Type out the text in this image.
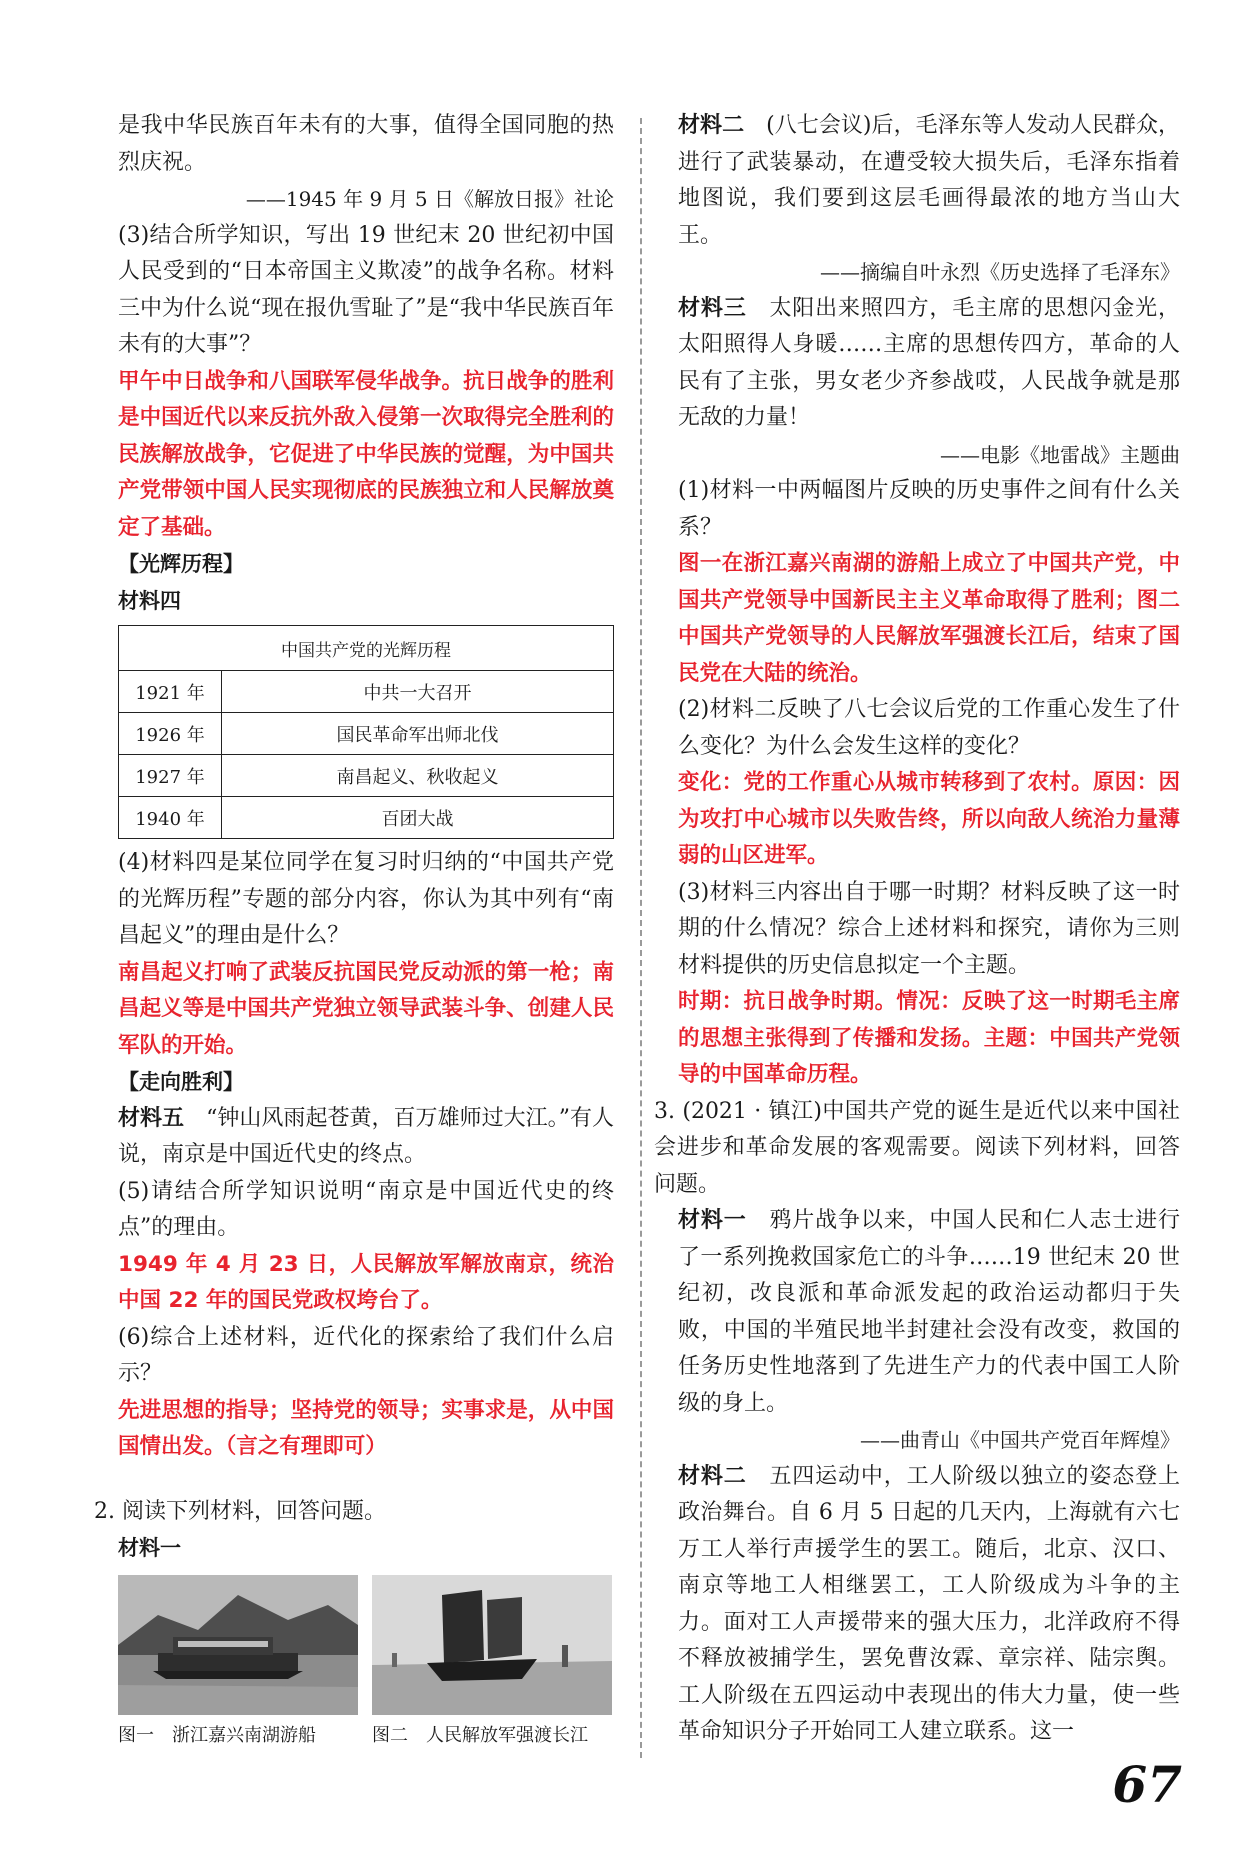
是我中华民族百年未有的大事，值得全国同胞的热烈庆祝。

——1945 年 9 月 5 日《解放日报》社论

(3)结合所学知识，写出 19 世纪末 20 世纪初中国人民受到的“日本帝国主义欺凌”的战争名称。材料三中为什么说“现在报仇雪耻了”是“我中华民族百年未有的大事”？

甲午中日战争和八国联军侵华战争。抗日战争的胜利是中国近代以来反抗外敌入侵第一次取得完全胜利的民族解放战争，它促进了中华民族的觉醒，为中国共产党带领中国人民实现彻底的民族独立和人民解放奠定了基础。

【光辉历程】

材料四

中国共产党的光辉历程	
1921 年	中共一大召开
1926 年	国民革命军出师北伐
1927 年	南昌起义、秋收起义
1940 年	百团大战

(4)材料四是某位同学在复习时归纳的“中国共产党的光辉历程”专题的部分内容，你认为其中列有“南昌起义”的理由是什么？

南昌起义打响了武装反抗国民党反动派的第一枪；南昌起义等是中国共产党独立领导武装斗争、创建人民军队的开始。

【走向胜利】

材料五　 “钟山风雨起苍黄，百万雄师过大江。”有人说，南京是中国近代史的终点。

(5)请结合所学知识说明“南京是中国近代史的终点”的理由。

1949 年 4 月 23 日，人民解放军解放南京，统治中国 22 年的国民党政权垮台了。

(6)综合上述材料，近代化的探索给了我们什么启示？

先进思想的指导；坚持党的领导；实事求是，从中国国情出发。（言之有理即可）

2. 阅读下列材料，回答问题。

材料一

图一　浙江嘉兴南湖游船	图二　人民解放军强渡长江

材料二　 (八七会议)后，毛泽东等人发动人民群众，进行了武装暴动，在遭受较大损失后，毛泽东指着地图说，我们要到这层毛画得最浓的地方当山大王。

——摘编自叶永烈《历史选择了毛泽东》

材料三　 太阳出来照四方，毛主席的思想闪金光，太阳照得人身暖……主席的思想传四方，革命的人民有了主张，男女老少齐参战哎，人民战争就是那无敌的力量！

——电影《地雷战》主题曲

(1)材料一中两幅图片反映的历史事件之间有什么关系？

图一在浙江嘉兴南湖的游船上成立了中国共产党，中国共产党领导中国新民主主义革命取得了胜利；图二中国共产党领导的人民解放军强渡长江后，结束了国民党在大陆的统治。

(2)材料二反映了八七会议后党的工作重心发生了什么变化？为什么会发生这样的变化？

变化：党的工作重心从城市转移到了农村。原因：因为攻打中心城市以失败告终，所以向敌人统治力量薄弱的山区进军。

(3)材料三内容出自于哪一时期？材料反映了这一时期的什么情况？综合上述材料和探究，请你为三则材料提供的历史信息拟定一个主题。

时期：抗日战争时期。情况：反映了这一时期毛主席的思想主张得到了传播和发扬。主题：中国共产党领导的中国革命历程。

3. (2021 · 镇江)中国共产党的诞生是近代以来中国社会进步和革命发展的客观需要。阅读下列材料，回答问题。

材料一　 鸦片战争以来，中国人民和仁人志士进行了一系列挽救国家危亡的斗争……19 世纪末 20 世纪初，改良派和革命派发起的政治运动都归于失败，中国的半殖民地半封建社会没有改变，救国的任务历史性地落到了先进生产力的代表中国工人阶级的身上。

——曲青山《中国共产党百年辉煌》

材料二　 五四运动中，工人阶级以独立的姿态登上政治舞台。自 6 月 5 日起的几天内，上海就有六七万工人举行声援学生的罢工。随后，北京、汉口、南京等地工人相继罢工，工人阶级成为斗争的主力。面对工人声援带来的强大压力，北洋政府不得不释放被捕学生，罢免曹汝霖、章宗祥、陆宗舆。工人阶级在五四运动中表现出的伟大力量，使一些革命知识分子开始同工人建立联系。这一

67
